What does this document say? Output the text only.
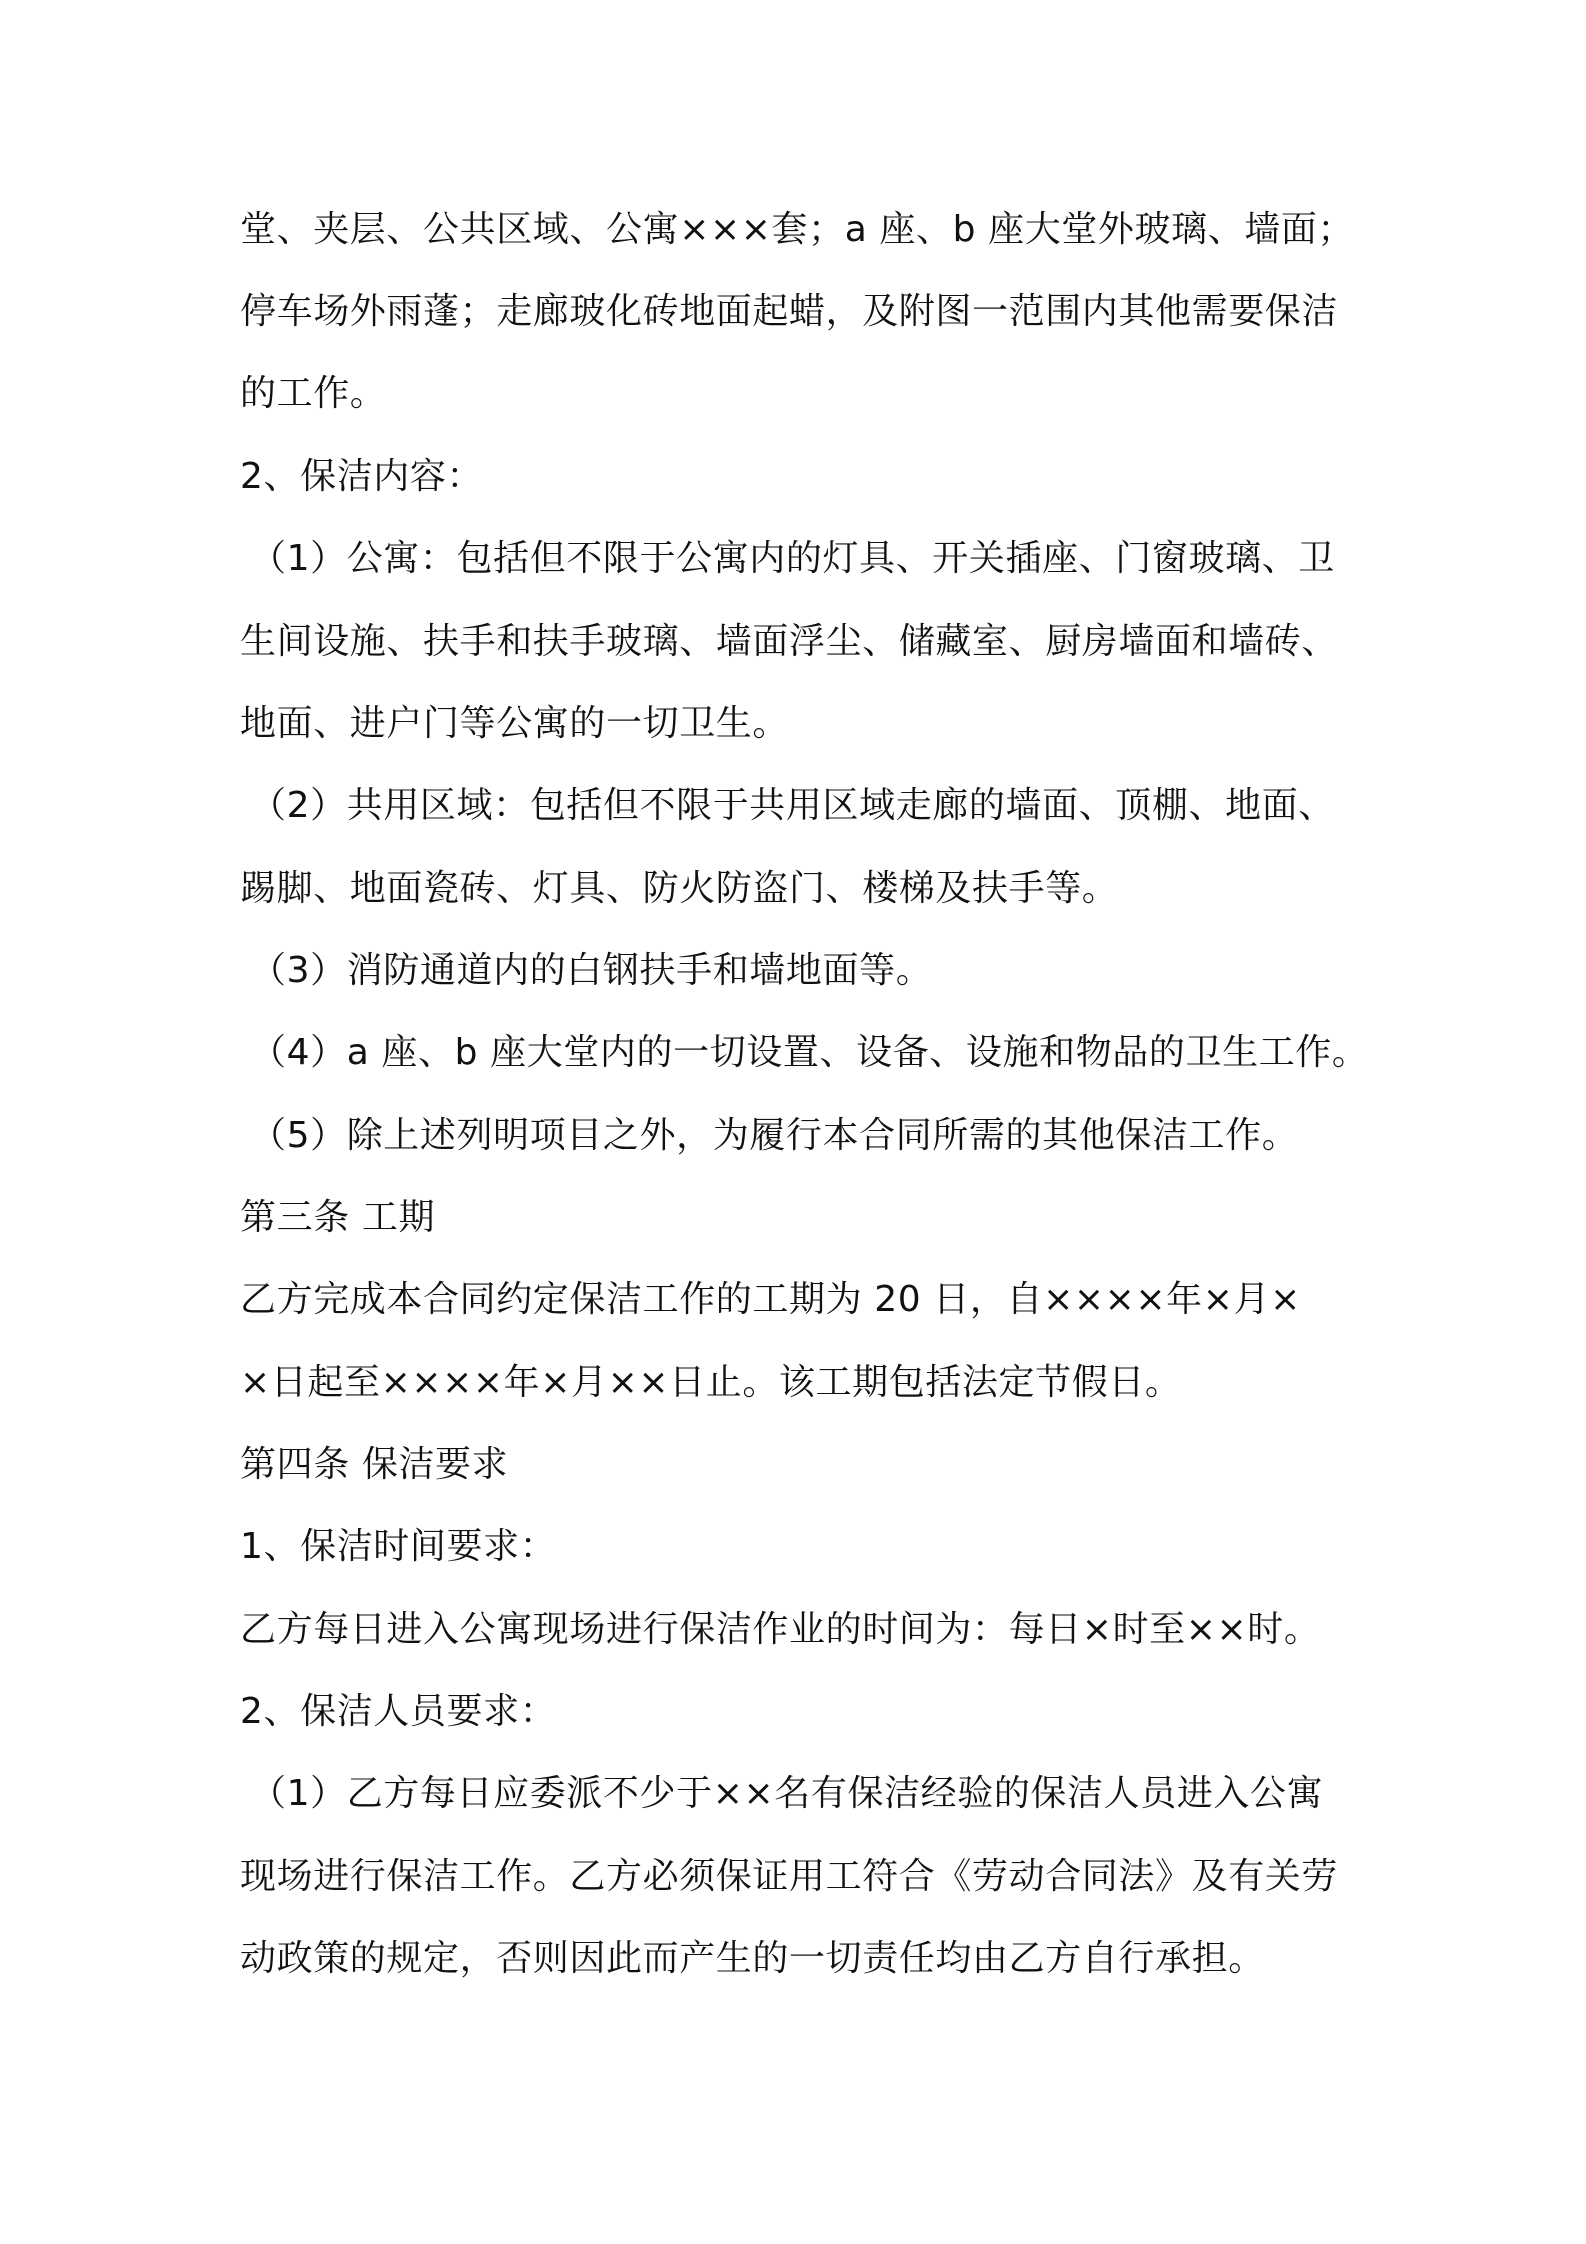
堂、夹层、公共区域、公寓×××套；a 座、b 座大堂外玻璃、墙面；
停车场外雨蓬；走廊玻化砖地面起蜡，及附图一范围内其他需要保洁
的工作。
2、保洁内容：
（1）公寓：包括但不限于公寓内的灯具、开关插座、门窗玻璃、卫
生间设施、扶手和扶手玻璃、墙面浮尘、储藏室、厨房墙面和墙砖、
地面、进户门等公寓的一切卫生。
（2）共用区域：包括但不限于共用区域走廊的墙面、顶棚、地面、
踢脚、地面瓷砖、灯具、防火防盗门、楼梯及扶手等。
（3）消防通道内的白钢扶手和墙地面等。
（4）a 座、b 座大堂内的一切设置、设备、设施和物品的卫生工作。
（5）除上述列明项目之外，为履行本合同所需的其他保洁工作。
第三条 工期
乙方完成本合同约定保洁工作的工期为 20 日，自××××年×月×
×日起至××××年×月××日止。该工期包括法定节假日。
第四条 保洁要求
1、保洁时间要求：
乙方每日进入公寓现场进行保洁作业的时间为：每日×时至××时。
2、保洁人员要求：
（1）乙方每日应委派不少于××名有保洁经验的保洁人员进入公寓
现场进行保洁工作。乙方必须保证用工符合《劳动合同法》及有关劳
动政策的规定，否则因此而产生的一切责任均由乙方自行承担。
